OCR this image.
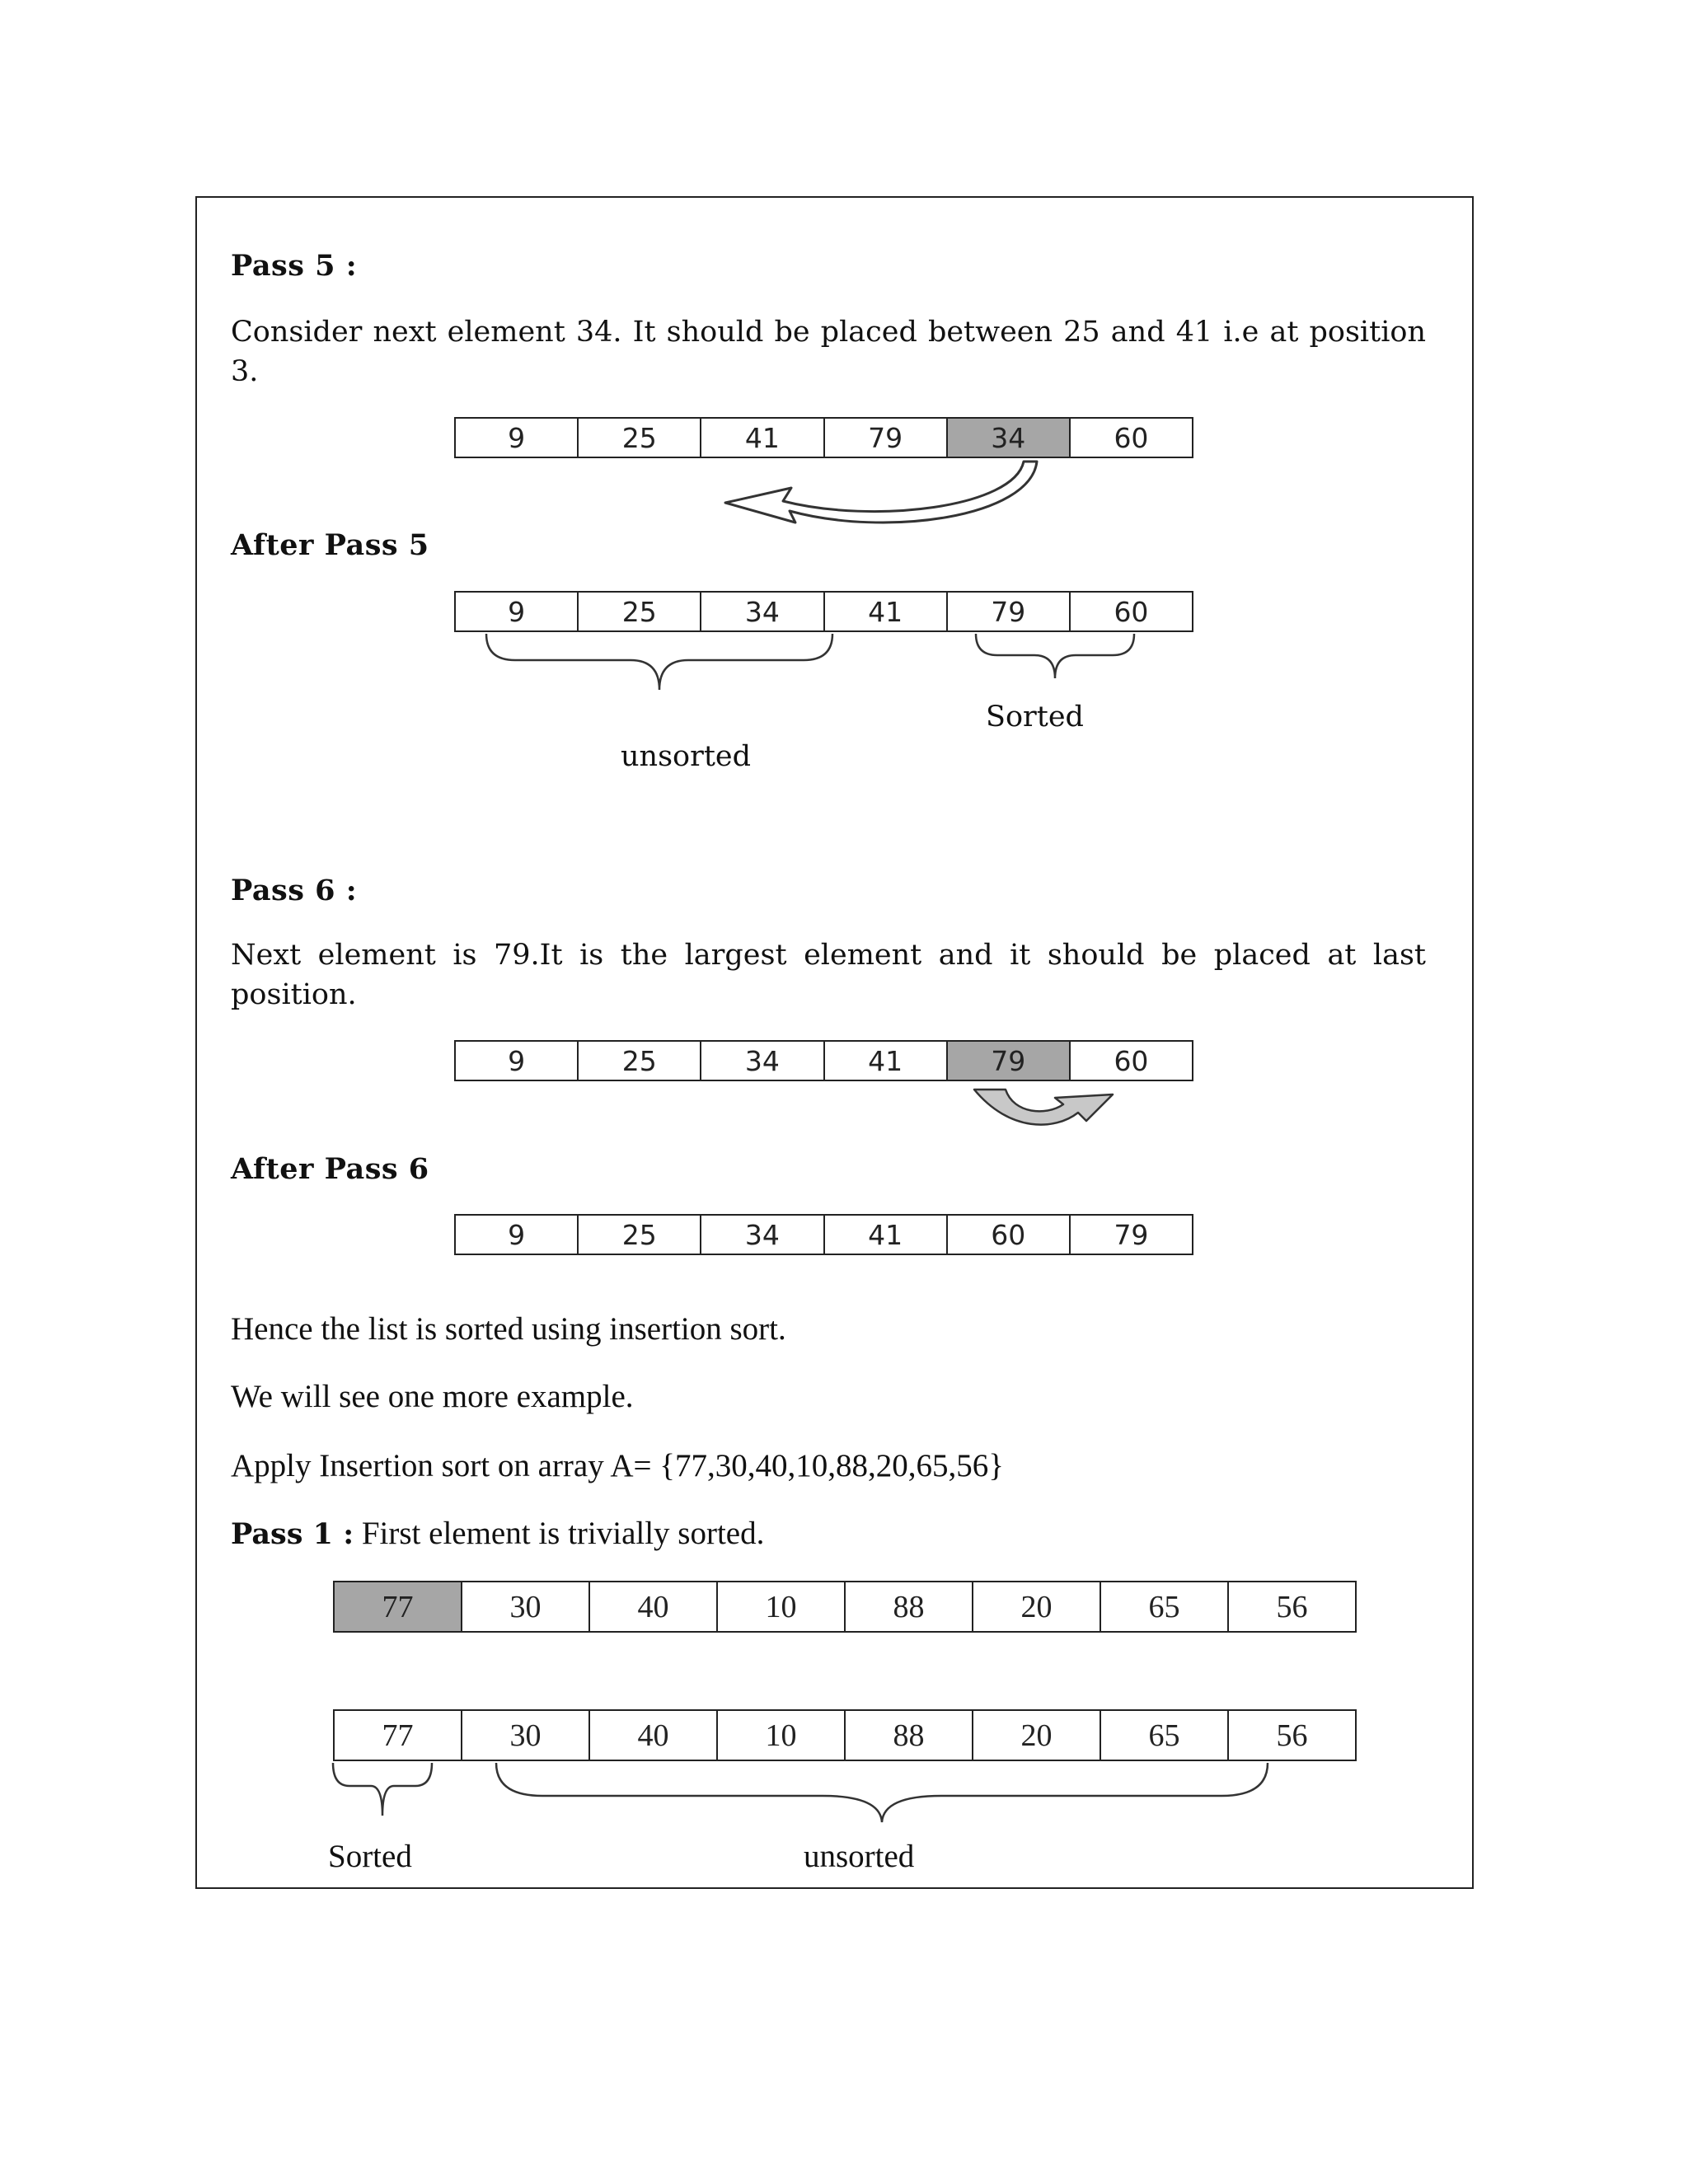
Pass 5 :
Consider next element 34. It should be placed between 25 and 41 i.e at position 3.
9	25	41	79	34	60
After Pass 5
9	25	34	41	79	60
Sorted
unsorted
Pass 6 :
Next element is 79.It is the largest element and it should be placed at last position.
9	25	34	41	79	60
After Pass 6
9	25	34	41	60	79
Hence the list is sorted using insertion sort.
We will see one more example.
Apply Insertion sort on array A= {77,30,40,10,88,20,65,56}
Pass 1 : First element is trivially sorted.
77	30	40	10	88	20	65	56
77	30	40	10	88	20	65	56
Sorted	unsorted
